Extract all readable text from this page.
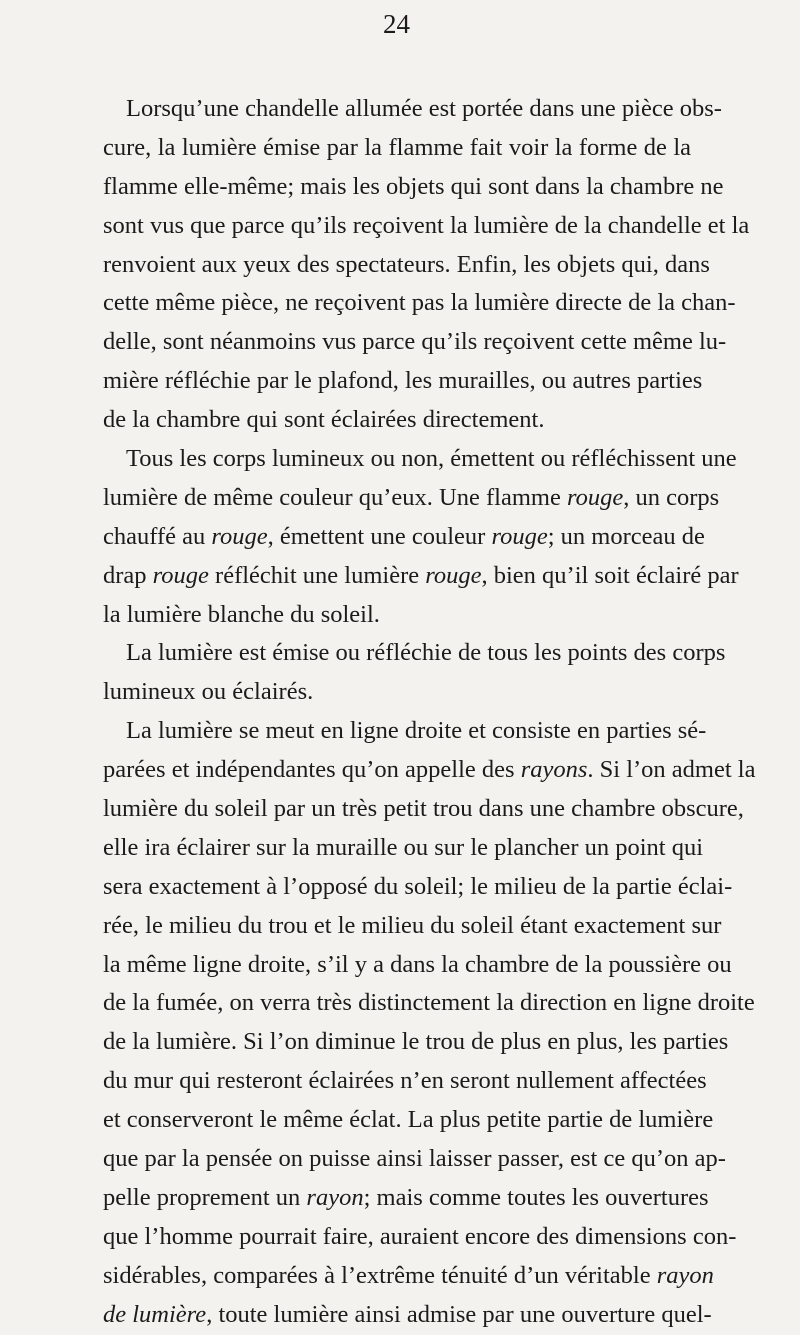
24
Lorsqu’une chandelle allumée est portée dans une pièce obs-
cure, la lumière émise par la flamme fait voir la forme de la
flamme elle-même; mais les objets qui sont dans la chambre ne
sont vus que parce qu’ils reçoivent la lumière de la chandelle et la
renvoient aux yeux des spectateurs. Enfin, les objets qui, dans
cette même pièce, ne reçoivent pas la lumière directe de la chan-
delle, sont néanmoins vus parce qu’ils reçoivent cette même lu-
mière réfléchie par le plafond, les murailles, ou autres parties
de la chambre qui sont éclairées directement.
Tous les corps lumineux ou non, émettent ou réfléchissent une
lumière de même couleur qu’eux. Une flamme rouge, un corps
chauffé au rouge, émettent une couleur rouge; un morceau de
drap rouge réfléchit une lumière rouge, bien qu’il soit éclairé par
la lumière blanche du soleil.
La lumière est émise ou réfléchie de tous les points des corps
lumineux ou éclairés.
La lumière se meut en ligne droite et consiste en parties sé-
parées et indépendantes qu’on appelle des rayons. Si l’on admet la
lumière du soleil par un très petit trou dans une chambre obscure,
elle ira éclairer sur la muraille ou sur le plancher un point qui
sera exactement à l’opposé du soleil; le milieu de la partie éclai-
rée, le milieu du trou et le milieu du soleil étant exactement sur
la même ligne droite, s’il y a dans la chambre de la poussière ou
de la fumée, on verra très distinctement la direction en ligne droite
de la lumière. Si l’on diminue le trou de plus en plus, les parties
du mur qui resteront éclairées n’en seront nullement affectées
et conserveront le même éclat. La plus petite partie de lumière
que par la pensée on puisse ainsi laisser passer, est ce qu’on ap-
pelle proprement un rayon; mais comme toutes les ouvertures
que l’homme pourrait faire, auraient encore des dimensions con-
sidérables, comparées à l’extrême ténuité d’un véritable rayon
de lumière, toute lumière ainsi admise par une ouverture quel-
